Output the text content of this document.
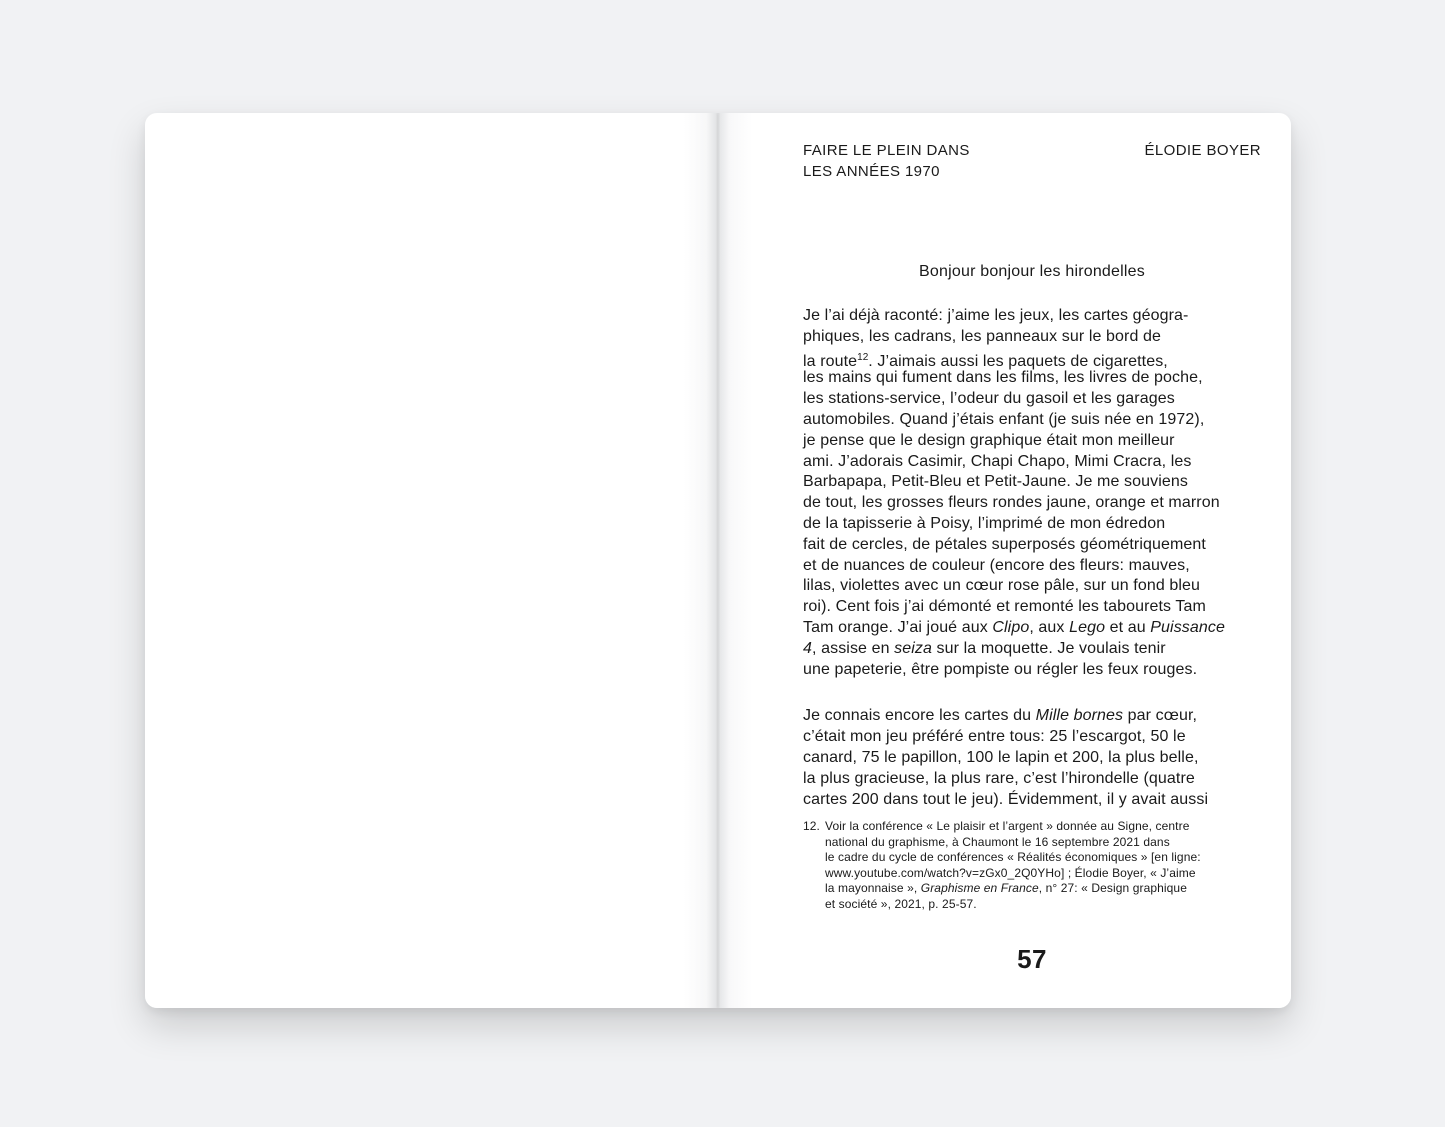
FAIRE LE PLEIN DANS
LES ANNÉES 1970
ÉLODIE BOYER
Bonjour bonjour les hirondelles
Je l’ai déjà raconté: j’aime les jeux, les cartes géogra-
phiques, les cadrans, les panneaux sur le bord de
la route$^{12}$. J’aimais aussi les paquets de cigarettes,
les mains qui fument dans les films, les livres de poche,
les stations-service, l’odeur du gasoil et les garages
automobiles. Quand j’étais enfant (je suis née en 1972),
je pense que le design graphique était mon meilleur
ami. J’adorais Casimir, Chapi Chapo, Mimi Cracra, les
Barbapapa, Petit-Bleu et Petit-Jaune. Je me souviens
de tout, les grosses fleurs rondes jaune, orange et marron
de la tapisserie à Poisy, l’imprimé de mon édredon
fait de cercles, de pétales superposés géométriquement
et de nuances de couleur (encore des fleurs: mauves,
lilas, violettes avec un cœur rose pâle, sur un fond bleu
roi). Cent fois j’ai démonté et remonté les tabourets Tam
Tam orange. J’ai joué aux Clipo, aux Lego et au Puissance
4, assise en seiza sur la moquette. Je voulais tenir
une papeterie, être pompiste ou régler les feux rouges.
Je connais encore les cartes du Mille bornes par cœur,
c’était mon jeu préféré entre tous: 25 l’escargot, 50 le
canard, 75 le papillon, 100 le lapin et 200, la plus belle,
la plus gracieuse, la plus rare, c’est l’hirondelle (quatre
cartes 200 dans tout le jeu). Évidemment, il y avait aussi
12. Voir la conférence « Le plaisir et l’argent » donnée au Signe, centre
national du graphisme, à Chaumont le 16 septembre 2021 dans
le cadre du cycle de conférences « Réalités économiques » [en ligne:
www.youtube.com/watch?v=zGx0_2Q0YHo] ; Élodie Boyer, « J’aime
la mayonnaise », Graphisme en France, n° 27: « Design graphique
et société », 2021, p. 25-57.
57
